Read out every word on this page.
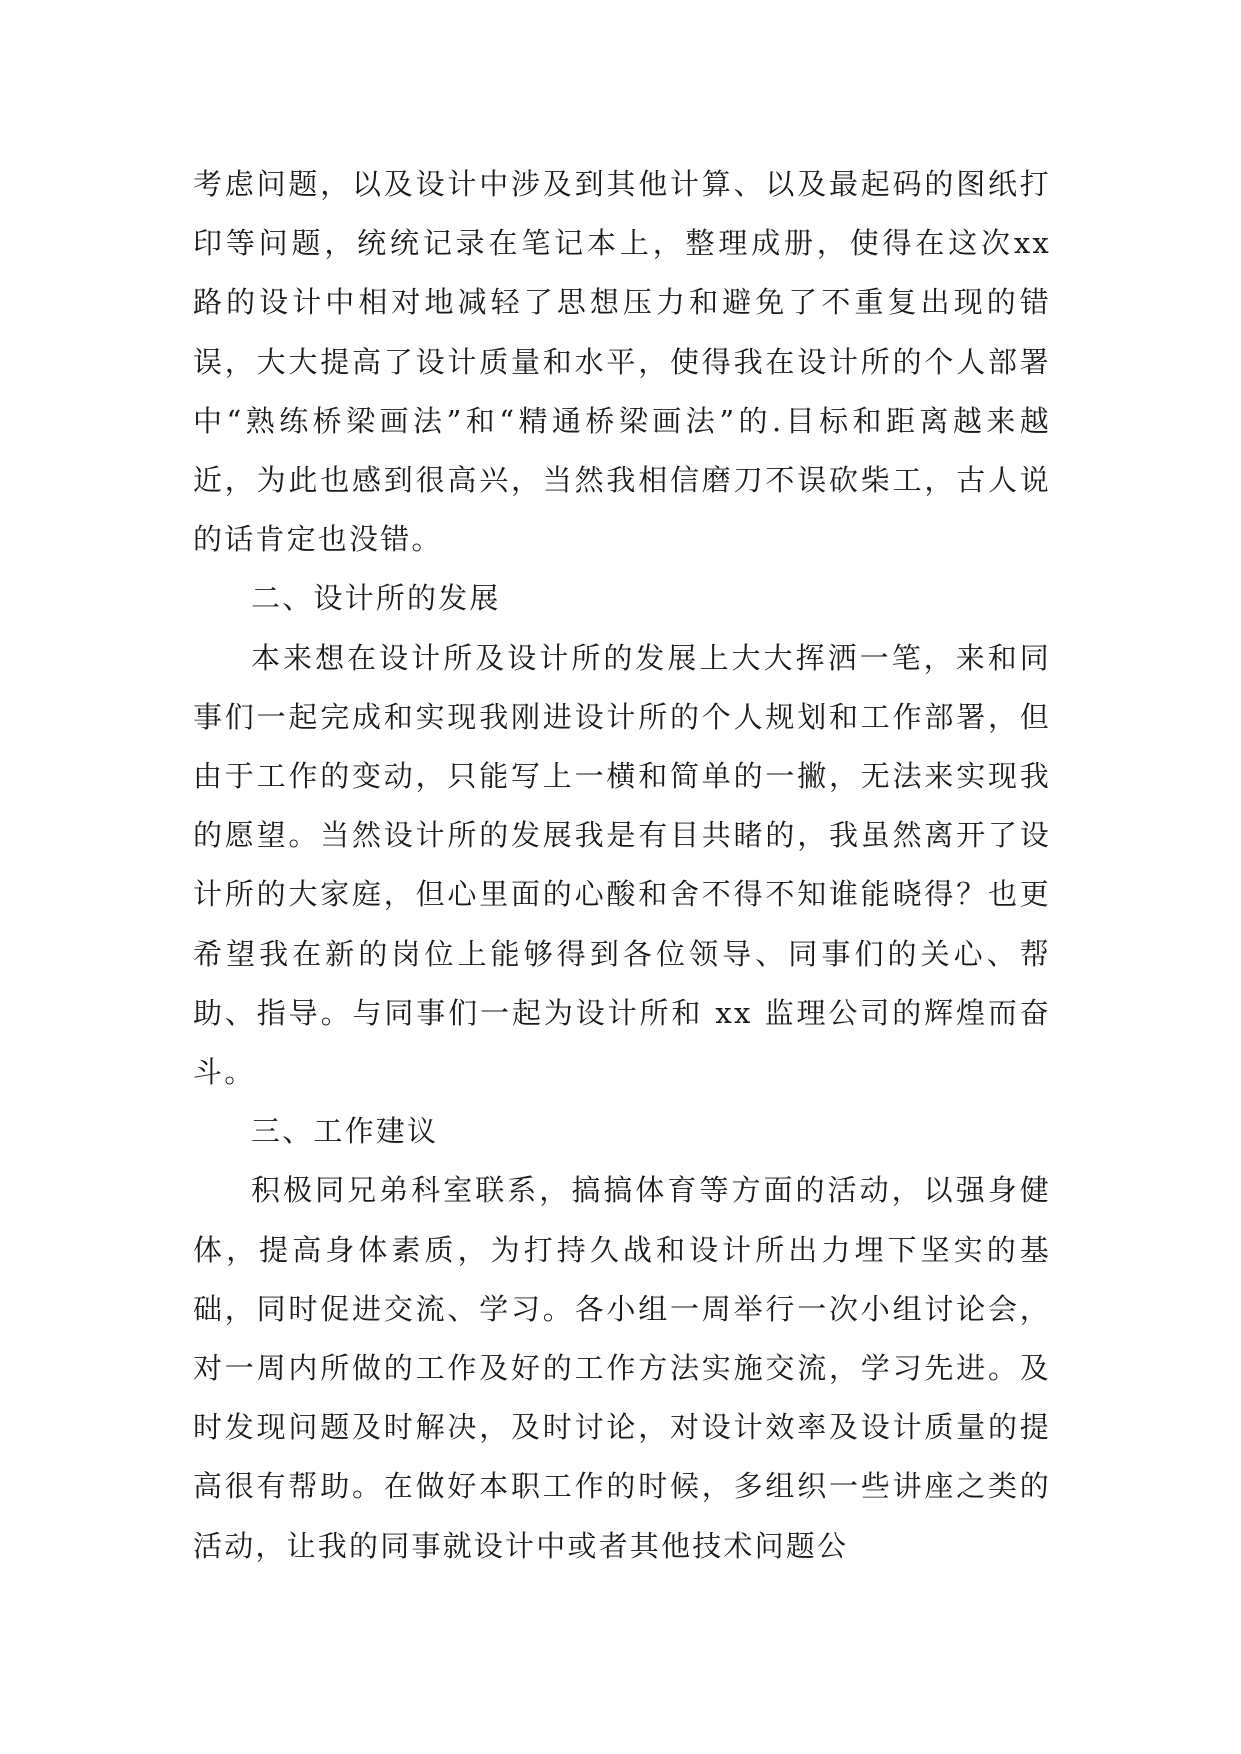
考虑问题，以及设计中涉及到其他计算、以及最起码的图纸打印等问题，统统记录在笔记本上，整理成册，使得在这次xx 路的设计中相对地减轻了思想压力和避免了不重复出现的错误，大大提高了设计质量和水平，使得我在设计所的个人部署中“熟练桥梁画法”和“精通桥梁画法”的.目标和距离越来越近，为此也感到很高兴，当然我相信磨刀不误砍柴工，古人说的话肯定也没错。

二、设计所的发展

本来想在设计所及设计所的发展上大大挥洒一笔，来和同事们一起完成和实现我刚进设计所的个人规划和工作部署，但由于工作的变动，只能写上一横和简单的一撇，无法来实现我的愿望。当然设计所的发展我是有目共睹的，我虽然离开了设计所的大家庭，但心里面的心酸和舍不得不知谁能晓得？也更希望我在新的岗位上能够得到各位领导、同事们的关心、帮助、指导。与同事们一起为设计所和 xx 监理公司的辉煌而奋斗。

三、工作建议

积极同兄弟科室联系，搞搞体育等方面的活动，以强身健体，提高身体素质，为打持久战和设计所出力埋下坚实的基础，同时促进交流、学习。各小组一周举行一次小组讨论会，对一周内所做的工作及好的工作方法实施交流，学习先进。及时发现问题及时解决，及时讨论，对设计效率及设计质量的提高很有帮助。在做好本职工作的时候，多组织一些讲座之类的活动，让我的同事就设计中或者其他技术问题公
